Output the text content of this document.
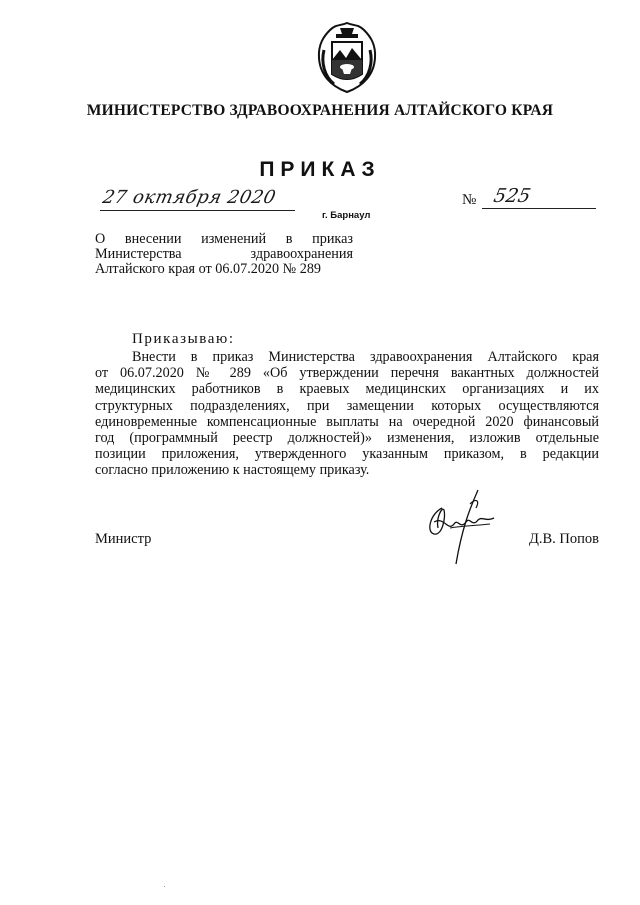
МИНИСТЕРСТВО ЗДРАВООХРАНЕНИЯ АЛТАЙСКОГО КРАЯ
ПРИКАЗ
27 октября 2020	№ 525
г. Барнаул
О внесении изменений в приказ
Министерства здравоохранения
Алтайского края от 06.07.2020 № 289
Приказываю:
Внести в приказ Министерства здравоохранения Алтайского края
от 06.07.2020 № 289 «Об утверждении перечня вакантных должностей
медицинских работников в краевых медицинских организациях и их
структурных подразделениях, при замещении которых осуществляются
единовременные компенсационные выплаты на очередной 2020 финансовый
год (программный реестр должностей)» изменения, изложив отдельные
позиции приложения, утвержденного указанным приказом, в редакции
согласно приложению к настоящему приказу.
Министр	Д.В. Попов
